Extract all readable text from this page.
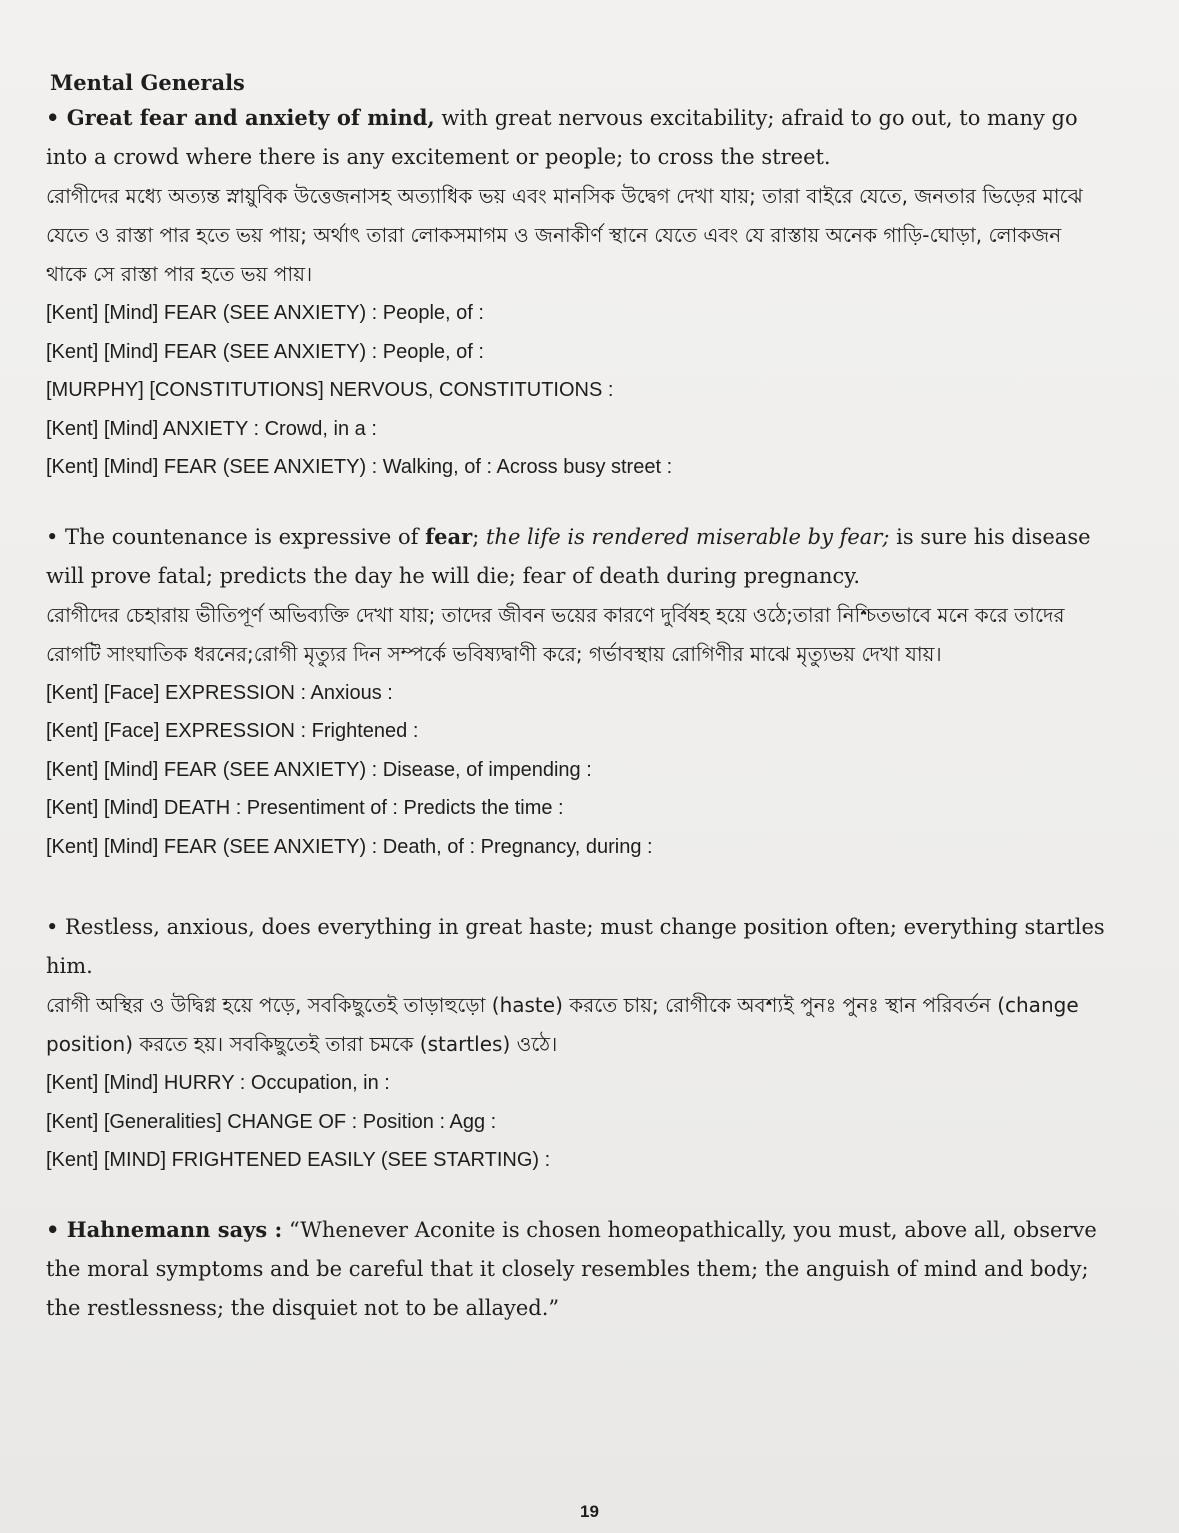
Mental Generals

• Great fear and anxiety of mind, with great nervous excitability; afraid to go out, to many go into a crowd where there is any excitement or people; to cross the street.

রোগীদের মধ্যে অত্যন্ত স্নায়ুবিক উত্তেজনাসহ অত্যাধিক ভয় এবং মানসিক উদ্বেগ দেখা যায়; তারা বাইরে যেতে, জনতার ভিড়ের মাঝে যেতে ও রাস্তা পার হতে ভয় পায়; অর্থাৎ তারা লোকসমাগম ও জনাকীর্ণ স্থানে যেতে এবং যে রাস্তায় অনেক গাড়ি-ঘোড়া, লোকজন থাকে সে রাস্তা পার হতে ভয় পায়।

[Kent] [Mind] FEAR (SEE ANXIETY) : People, of :
[Kent] [Mind] FEAR (SEE ANXIETY) : People, of :
[MURPHY] [CONSTITUTIONS] NERVOUS, CONSTITUTIONS :
[Kent] [Mind] ANXIETY : Crowd, in a :
[Kent] [Mind] FEAR (SEE ANXIETY) : Walking, of : Across busy street :

• The countenance is expressive of fear; the life is rendered miserable by fear; is sure his disease will prove fatal; predicts the day he will die; fear of death during pregnancy.

রোগীদের চেহারায় ভীতিপূর্ণ অভিব্যক্তি দেখা যায়; তাদের জীবন ভয়ের কারণে দুর্বিষহ হয়ে ওঠে;তারা নিশ্চিতভাবে মনে করে তাদের রোগটি সাংঘাতিক ধরনের;রোগী মৃত্যুর দিন সম্পর্কে ভবিষ্যদ্বাণী করে; গর্ভাবস্থায় রোগিণীর মাঝে মৃত্যুভয় দেখা যায়।

[Kent] [Face] EXPRESSION : Anxious :
[Kent] [Face] EXPRESSION : Frightened :
[Kent] [Mind] FEAR (SEE ANXIETY) : Disease, of impending :
[Kent] [Mind] DEATH : Presentiment of : Predicts the time :
[Kent] [Mind] FEAR (SEE ANXIETY) : Death, of : Pregnancy, during :

• Restless, anxious, does everything in great haste; must change position often; everything startles him.

রোগী অস্থির ও উদ্বিগ্ন হয়ে পড়ে, সবকিছুতেই তাড়াহুড়ো (haste) করতে চায়; রোগীকে অবশ্যই পুনঃ পুনঃ স্থান পরিবর্তন (change position) করতে হয়। সবকিছুতেই তারা চমকে (startles) ওঠে।

[Kent] [Mind] HURRY : Occupation, in :
[Kent] [Generalities] CHANGE OF : Position : Agg :
[Kent] [MIND] FRIGHTENED EASILY (SEE STARTING) :

• Hahnemann says : “Whenever Aconite is chosen homeopathically, you must, above all, observe the moral symptoms and be careful that it closely resembles them; the anguish of mind and body; the restlessness; the disquiet not to be allayed.”

19
